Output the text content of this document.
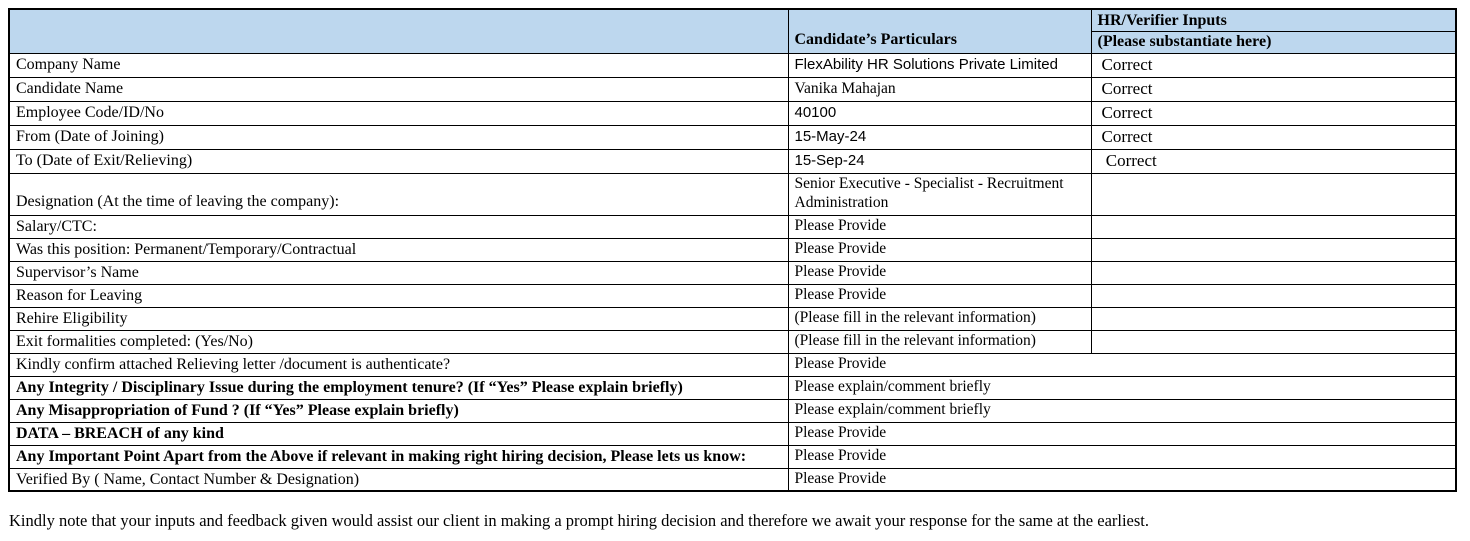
	Candidate’s Particulars	HR/Verifier Inputs
		(Please substantiate here)
Company Name	FlexAbility HR Solutions Private Limited	Correct
Candidate Name	Vanika Mahajan	Correct
Employee Code/ID/No	40100	Correct
From (Date of Joining)	15-May-24	Correct
To (Date of Exit/Relieving)	15-Sep-24	Correct
Designation (At the time of leaving the company):	Senior Executive - Specialist - Recruitment Administration	
Salary/CTC:	Please Provide	
Was this position: Permanent/Temporary/Contractual	Please Provide	
Supervisor’s Name	Please Provide	
Reason for Leaving	Please Provide	
Rehire Eligibility	(Please fill in the relevant information)	
Exit formalities completed: (Yes/No)	(Please fill in the relevant information)	
Kindly confirm attached Relieving letter /document is authenticate?	Please Provide	
Any Integrity / Disciplinary Issue during the employment tenure? (If “Yes” Please explain briefly)	Please explain/comment briefly	
Any Misappropriation of Fund ? (If “Yes” Please explain briefly)	Please explain/comment briefly	
DATA – BREACH of any kind	Please Provide	
Any Important Point Apart from the Above if relevant in making right hiring decision, Please lets us know:	Please Provide	
Verified By ( Name, Contact Number & Designation)	Please Provide	

Kindly note that your inputs and feedback given would assist our client in making a prompt hiring decision and therefore we await your response for the same at the earliest.
